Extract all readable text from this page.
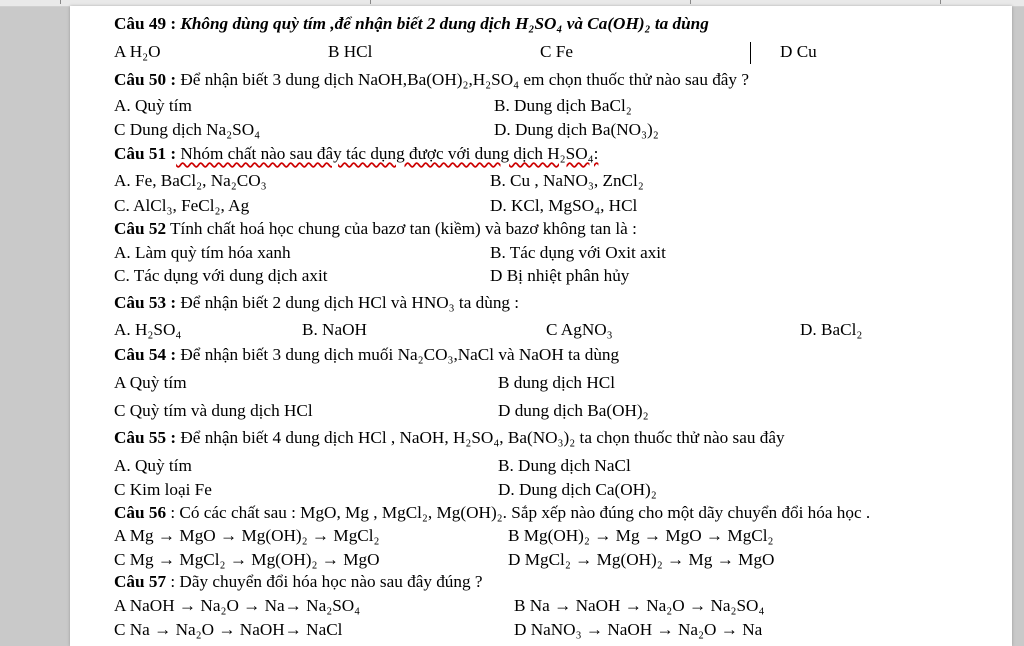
Câu 49 : Không dùng quỳ tím ,để nhận biết 2 dung dịch H₂SO₄ và Ca(OH)₂ ta dùng
A H₂O	B HCl	C Fe	D Cu
Câu 50 : Để nhận biết 3 dung dịch NaOH,Ba(OH)₂,H₂SO₄ em chọn thuốc thử nào sau đây ?
A. Quỳ tím	B. Dung dịch BaCl₂
C Dung dịch Na₂SO₄	D. Dung dịch Ba(NO₃)₂
Câu 51 : Nhóm chất nào sau đây tác dụng được với dung dịch H₂SO₄:
A. Fe, BaCl₂, Na₂CO₃	B. Cu , NaNO₃, ZnCl₂
C. AlCl₃, FeCl₂, Ag	D. KCl, MgSO₄, HCl
Câu 52 Tính chất hoá học chung của bazơ tan (kiềm) và bazơ không tan là :
A. Làm quỳ tím hóa xanh	B. Tác dụng với Oxit axit
C. Tác dụng với dung dịch axit	D Bị nhiệt phân hủy
Câu 53 : Để nhận biết 2 dung dịch HCl và HNO₃ ta dùng :
A. H₂SO₄	B. NaOH	C AgNO₃	D. BaCl₂
Câu 54 : Để nhận biết 3 dung dịch muối Na₂CO₃,NaCl và NaOH ta dùng
A Quỳ tím	B dung dịch HCl
C Quỳ tím và dung dịch HCl	D dung dịch Ba(OH)₂
Câu 55 : Để nhận biết 4 dung dịch HCl , NaOH, H₂SO₄, Ba(NO₃)₂ ta chọn thuốc thử nào sau đây
A. Quỳ tím	B. Dung dịch NaCl
C Kim loại Fe	D. Dung dịch Ca(OH)₂
Câu 56 : Có các chất sau : MgO, Mg , MgCl₂, Mg(OH)₂. Sắp xếp nào đúng cho một dãy chuyển đổi hóa học .
A Mg → MgO → Mg(OH)₂ → MgCl₂	B Mg(OH)₂ → Mg → MgO → MgCl₂
C Mg → MgCl₂ → Mg(OH)₂ → MgO	D MgCl₂ → Mg(OH)₂ → Mg → MgO
Câu 57 : Dãy chuyển đổi hóa học nào sau đây đúng ?
A NaOH → Na₂O → Na→ Na₂SO₄	B Na → NaOH → Na₂O → Na₂SO₄
C Na → Na₂O → NaOH→ NaCl	D NaNO₃ → NaOH → Na₂O → Na
